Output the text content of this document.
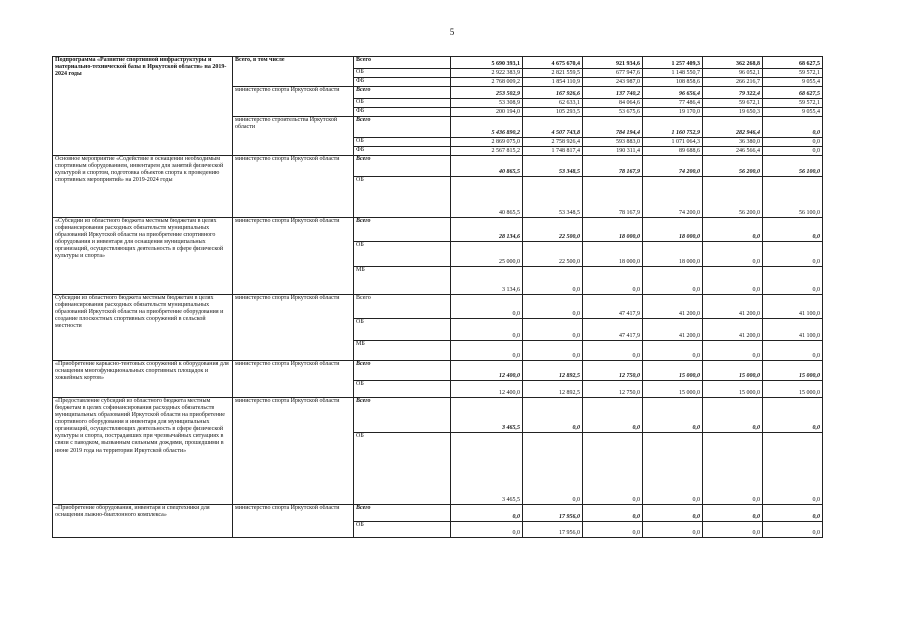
5
Подпрограмма «Развитие спортивной инфраструктуры и материально-технической базы в Иркутской области» на 2019-2024 годы	Всего, в том числе	Всего	5 690 393,1	4 675 670,4	921 934,6	1 257 409,3	362 268,8	68 627,5
		ОБ	2 922 383,9	2 821 559,5	677 947,6	1 148 550,7	96 052,1	59 572,1
		ФБ	2 768 009,2	1 854 110,9	243 987,0	108 858,6	266 216,7	9 055,4
	министерство спорта Иркутской области	Всего	253 502,9	167 926,6	137 740,2	96 656,4	79 322,4	68 627,5
		ОБ	53 308,9	62 633,1	84 064,6	77 486,4	59 672,1	59 572,1
		ФБ	200 194,0	105 293,5	53 675,6	19 170,0	19 650,3	9 055,4
	министерство строительства Иркутской области	Всего	5 436 890,2	4 507 743,8	784 194,4	1 160 752,9	282 946,4	0,0
		ОБ	2 869 075,0	2 758 926,4	593 883,0	1 071 064,3	36 380,0	0,0
		ФБ	2 567 815,2	1 748 817,4	190 311,4	89 688,6	246 566,4	0,0
Основное мероприятие «Содействие в оснащении необходимым спортивным оборудованием, инвентарем для занятий физической культурой и спортом, подготовка объектов спорта к проведению спортивных мероприятий» на 2019-2024 годы	министерство спорта Иркутской области	Всего	40 865,5	53 348,5	78 167,9	74 200,0	56 200,0	56 100,0
		ОБ	40 865,5	53 348,5	78 167,9	74 200,0	56 200,0	56 100,0
«Субсидии из областного бюджета местным бюджетам в целях софинансирования расходных обязательств муниципальных образований Иркутской области на приобретение спортивного оборудования и инвентаря для оснащения муниципальных организаций, осуществляющих деятельность в сфере физической культуры и спорта»	министерство спорта Иркутской области	Всего	28 134,6	22 500,0	18 000,0	18 000,0	0,0	0,0
		ОБ	25 000,0	22 500,0	18 000,0	18 000,0	0,0	0,0
		МБ	3 134,6	0,0	0,0	0,0	0,0	0,0
Субсидии из областного бюджета местным бюджетам в целях софинансирования расходных обязательств муниципальных образований Иркутской области на приобретение оборудования и создание плоскостных спортивных сооружений в сельской местности	министерство спорта Иркутской области	Всего	0,0	0,0	47 417,9	41 200,0	41 200,0	41 100,0
		ОБ	0,0	0,0	47 417,9	41 200,0	41 200,0	41 100,0
		МБ	0,0	0,0	0,0	0,0	0,0	0,0
«Приобретение каркасно-тентовых сооружений к оборудования для оснащения многофункциональных спортивных площадок и хоккейных кортов»	министерство спорта Иркутской области	Всего	12 400,0	12 892,5	12 750,0	15 000,0	15 000,0	15 000,0
		ОБ	12 400,0	12 892,5	12 750,0	15 000,0	15 000,0	15 000,0
«Предоставление субсидий из областного бюджета местным бюджетам в целях софинансирования расходных обязательств муниципальных образований Иркутской области на приобретение спортивного оборудования и инвентаря для муниципальных организаций, осуществляющих деятельность в сфере физической культуры и спорта, пострадавших при чрезвычайных ситуациях в связи с паводком, вызванным сильными дождями, прошедшими в июне 2019 года на территории Иркутской области»	министерство спорта Иркутской области	Всего	3 465,5	0,0	0,0	0,0	0,0	0,0
		ОБ	3 465,5	0,0	0,0	0,0	0,0	0,0
«Приобретение оборудования, инвентаря и спецтехники для оснащения лыжно-биатлонного комплекса»	министерство спорта Иркутской области	Всего	0,0	17 956,0	0,0	0,0	0,0	0,0
		ОБ	0,0	17 956,0	0,0	0,0	0,0	0,0
